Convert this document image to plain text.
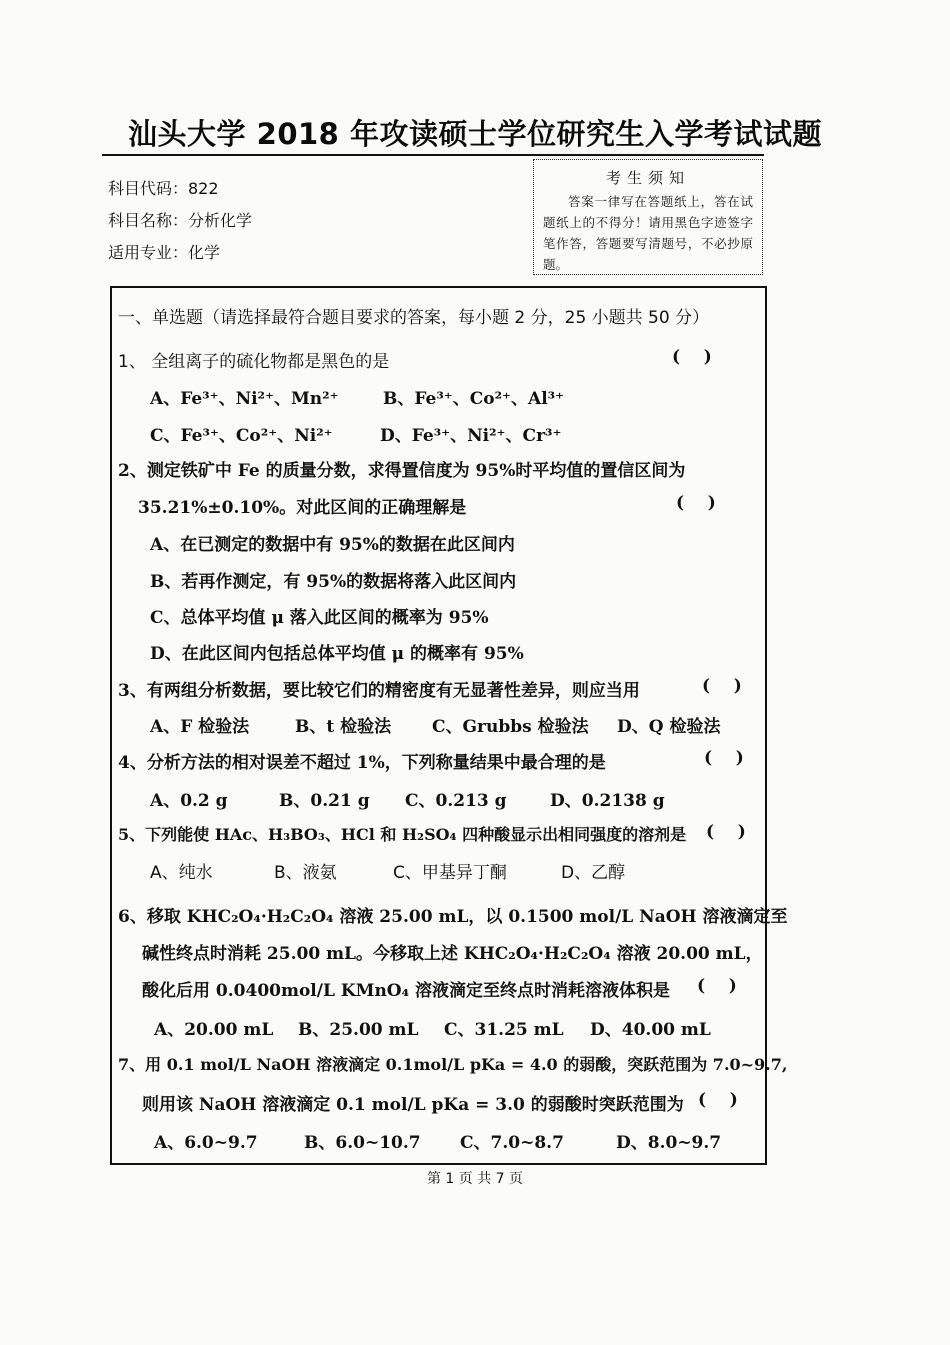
汕头大学 2018 年攻读硕士学位研究生入学考试试题
科目代码：822
科目名称：分析化学
适用专业：化学
考生须知
答案一律写在答题纸上，答在试题纸上的不得分！请用黑色字迹签字笔作答，答题要写清题号，不必抄原题。
一、单选题（请选择最符合题目要求的答案，每小题 2 分，25 小题共 50 分）
1、 全组离子的硫化物都是黑色的是	(    )
A、Fe³⁺、Ni²⁺、Mn²⁺	B、Fe³⁺、Co²⁺、Al³⁺
C、Fe³⁺、Co²⁺、Ni²⁺	D、Fe³⁺、Ni²⁺、Cr³⁺
2、测定铁矿中 Fe 的质量分数，求得置信度为 95%时平均值的置信区间为
35.21%±0.10%。对此区间的正确理解是	(    )
A、在已测定的数据中有 95%的数据在此区间内
B、若再作测定，有 95%的数据将落入此区间内
C、总体平均值 μ 落入此区间的概率为 95%
D、在此区间内包括总体平均值 μ 的概率有 95%
3、有两组分析数据，要比较它们的精密度有无显著性差异，则应当用	(    )
A、F 检验法	B、t 检验法 C、Grubbs 检验法 D、Q 检验法
4、分析方法的相对误差不超过 1%，下列称量结果中最合理的是	(    )
A、0.2 g	B、0.21 g C、0.213 g	D、0.2138 g
5、下列能使 HAc、H₃BO₃、HCl 和 H₂SO₄ 四种酸显示出相同强度的溶剂是 (    )
A、纯水	B、液氨	C、甲基异丁酮	D、乙醇
6、移取 KHC₂O₄·H₂C₂O₄ 溶液 25.00 mL，以 0.1500 mol/L NaOH 溶液滴定至
碱性终点时消耗 25.00 mL。今移取上述 KHC₂O₄·H₂C₂O₄ 溶液 20.00 mL，
酸化后用 0.0400mol/L KMnO₄ 溶液滴定至终点时消耗溶液体积是 (    )
A、20.00 mL B、25.00 mL C、31.25 mL D、40.00 mL
7、用 0.1 mol/L NaOH 溶液滴定 0.1mol/L pKa = 4.0 的弱酸，突跃范围为 7.0~9.7,
则用该 NaOH 溶液滴定 0.1 mol/L pKa = 3.0 的弱酸时突跃范围为 (    )
A、6.0~9.7	B、6.0~10.7 C、7.0~8.7	D、8.0~9.7
第 1 页 共 7 页
